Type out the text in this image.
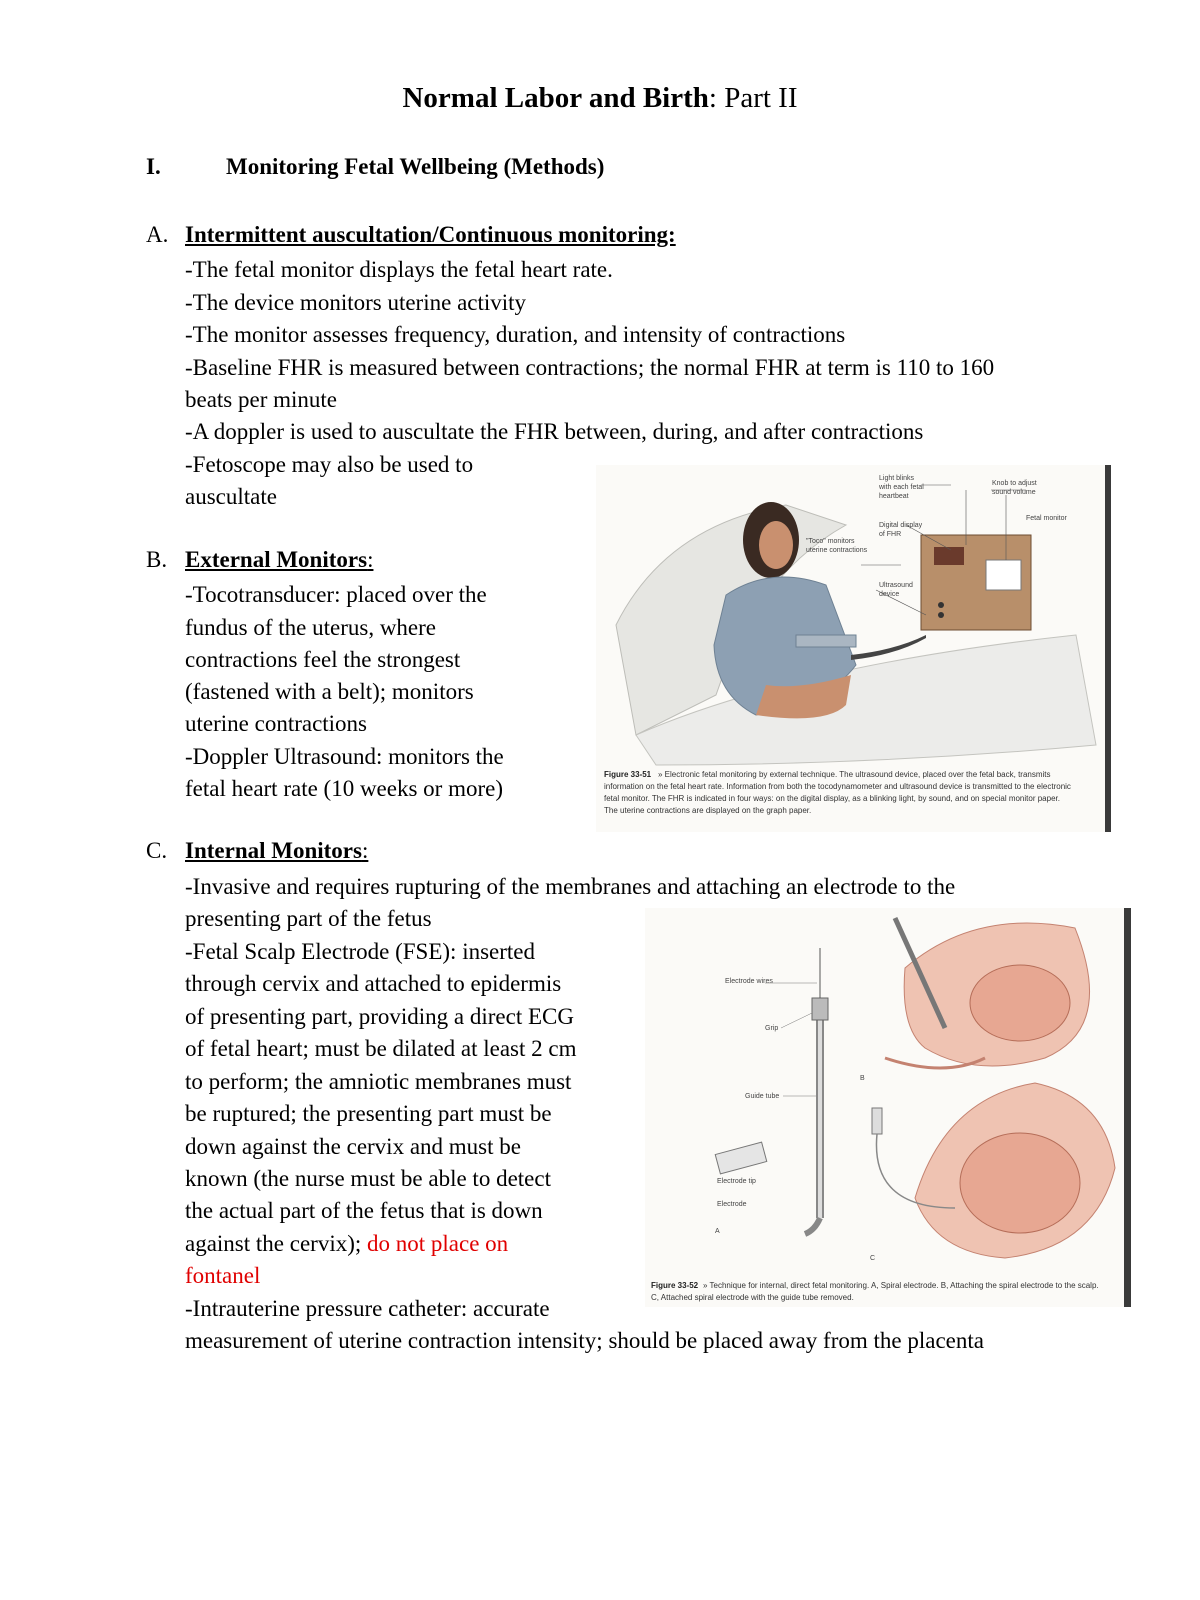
Normal Labor and Birth: Part II
I.	Monitoring Fetal Wellbeing (Methods)
A. Intermittent auscultation/Continuous monitoring:
-The fetal monitor displays the fetal heart rate.
-The device monitors uterine activity
-The monitor assesses frequency, duration, and intensity of contractions
-Baseline FHR is measured between contractions; the normal FHR at term is 110 to 160
beats per minute
-A doppler is used to auscultate the FHR between, during, and after contractions
-Fetoscope may also be used to
auscultate
B. External Monitors:
-Tocotransducer: placed over the
fundus of the uterus, where
contractions feel the strongest
(fastened with a belt); monitors
uterine contractions
-Doppler Ultrasound: monitors the
fetal heart rate (10 weeks or more)
C. Internal Monitors:
-Invasive and requires rupturing of the membranes and attaching an electrode to the
presenting part of the fetus
-Fetal Scalp Electrode (FSE): inserted
through cervix and attached to epidermis
of presenting part, providing a direct ECG
of fetal heart; must be dilated at least 2 cm
to perform; the amniotic membranes must
be ruptured; the presenting part must be
down against the cervix and must be
known (the nurse must be able to detect
the actual part of the fetus that is down
against the cervix); do not place on
fontanel
-Intrauterine pressure catheter: accurate
measurement of uterine contraction intensity; should be placed away from the placenta
Light blinks
with each fetal
heartbeat
Knob to adjust
sound volume
Fetal monitor
"Toco" monitors
uterine contractions
Digital display
of FHR
Ultrasound
device
Figure 33-51 » Electronic fetal monitoring by external technique. The ultrasound device, placed over the fetal back, transmits
information on the fetal heart rate. Information from both the tocodynamometer and ultrasound device is transmitted to the electronic
fetal monitor. The FHR is indicated in four ways: on the digital display, as a blinking light, by sound, and on special monitor paper.
The uterine contractions are displayed on the graph paper.
Electrode wires
Grip
Guide tube
Electrode tip
Electrode
A
B
C
Figure 33-52 » Technique for internal, direct fetal monitoring. A, Spiral electrode. B, Attaching the spiral electrode to the scalp.
C, Attached spiral electrode with the guide tube removed.
